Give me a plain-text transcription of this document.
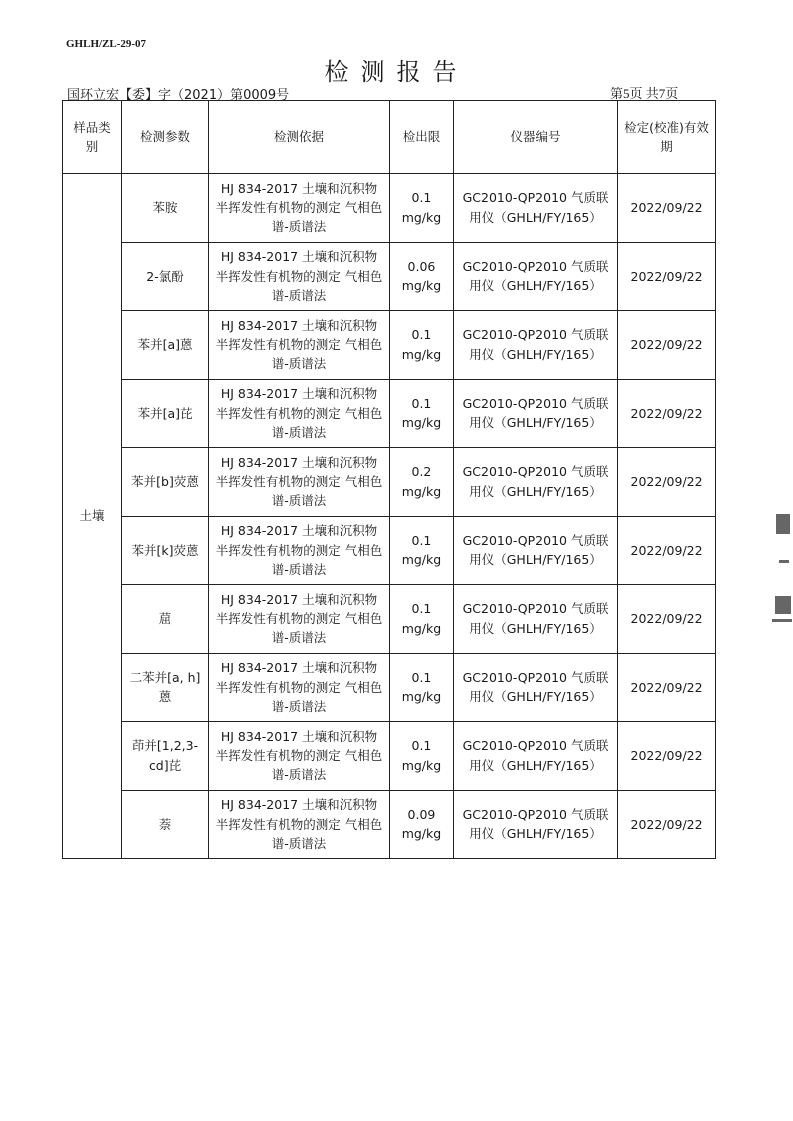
GHLH/ZL-29-07
检测报告
国环立宏【委】字（2021）第0009号	第5页 共7页
样品类别	检测参数	检测依据	检出限	仪器编号	检定(校准)有效期
土壤	苯胺	HJ 834-2017 土壤和沉积物 半挥发性有机物的测定 气相色谱-质谱法	0.1 mg/kg	GC2010-QP2010 气质联用仪（GHLH/FY/165）	2022/09/22
	2-氯酚	HJ 834-2017 土壤和沉积物 半挥发性有机物的测定 气相色谱-质谱法	0.06 mg/kg	GC2010-QP2010 气质联用仪（GHLH/FY/165）	2022/09/22
	苯并[a]蒽	HJ 834-2017 土壤和沉积物 半挥发性有机物的测定 气相色谱-质谱法	0.1 mg/kg	GC2010-QP2010 气质联用仪（GHLH/FY/165）	2022/09/22
	苯并[a]芘	HJ 834-2017 土壤和沉积物 半挥发性有机物的测定 气相色谱-质谱法	0.1 mg/kg	GC2010-QP2010 气质联用仪（GHLH/FY/165）	2022/09/22
	苯并[b]荧蒽	HJ 834-2017 土壤和沉积物 半挥发性有机物的测定 气相色谱-质谱法	0.2 mg/kg	GC2010-QP2010 气质联用仪（GHLH/FY/165）	2022/09/22
	苯并[k]荧蒽	HJ 834-2017 土壤和沉积物 半挥发性有机物的测定 气相色谱-质谱法	0.1 mg/kg	GC2010-QP2010 气质联用仪（GHLH/FY/165）	2022/09/22
	䓛	HJ 834-2017 土壤和沉积物 半挥发性有机物的测定 气相色谱-质谱法	0.1 mg/kg	GC2010-QP2010 气质联用仪（GHLH/FY/165）	2022/09/22
	二苯并[a, h]蒽	HJ 834-2017 土壤和沉积物 半挥发性有机物的测定 气相色谱-质谱法	0.1 mg/kg	GC2010-QP2010 气质联用仪（GHLH/FY/165）	2022/09/22
	茚并[1,2,3-cd]芘	HJ 834-2017 土壤和沉积物 半挥发性有机物的测定 气相色谱-质谱法	0.1 mg/kg	GC2010-QP2010 气质联用仪（GHLH/FY/165）	2022/09/22
	萘	HJ 834-2017 土壤和沉积物 半挥发性有机物的测定 气相色谱-质谱法	0.09 mg/kg	GC2010-QP2010 气质联用仪（GHLH/FY/165）	2022/09/22
